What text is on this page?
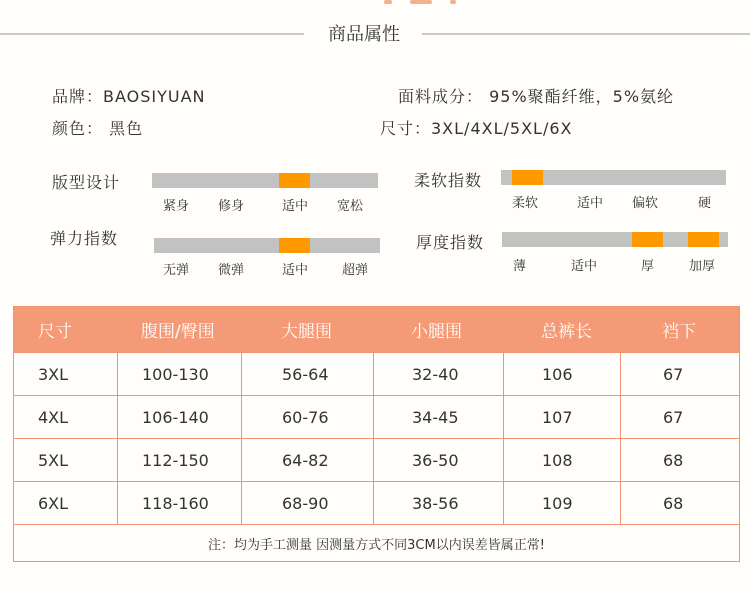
商品属性
品牌：BAOSIYUAN	面料成分： 95%聚酯纤维，5%氨纶
颜色： 黑色	尺寸：3XL/4XL/5XL/6X
版型设计
紧身 修身	适中 宽松
柔软指数
柔软	适中 偏软	硬
弹力指数
无弹 微弹	适中	超弹
厚度指数
薄	适中	厚	加厚
尺寸	腹围/臀围	大腿围	小腿围	总裤长	裆下
3XL	100-130	56-64	32-40	106	67
4XL	106-140	60-76	34-45	107	67
5XL	112-150	64-82	36-50	108	68
6XL	118-160	68-90	38-56	109	68
注：均为手工测量 因测量方式不同3CM以内误差皆属正常!
